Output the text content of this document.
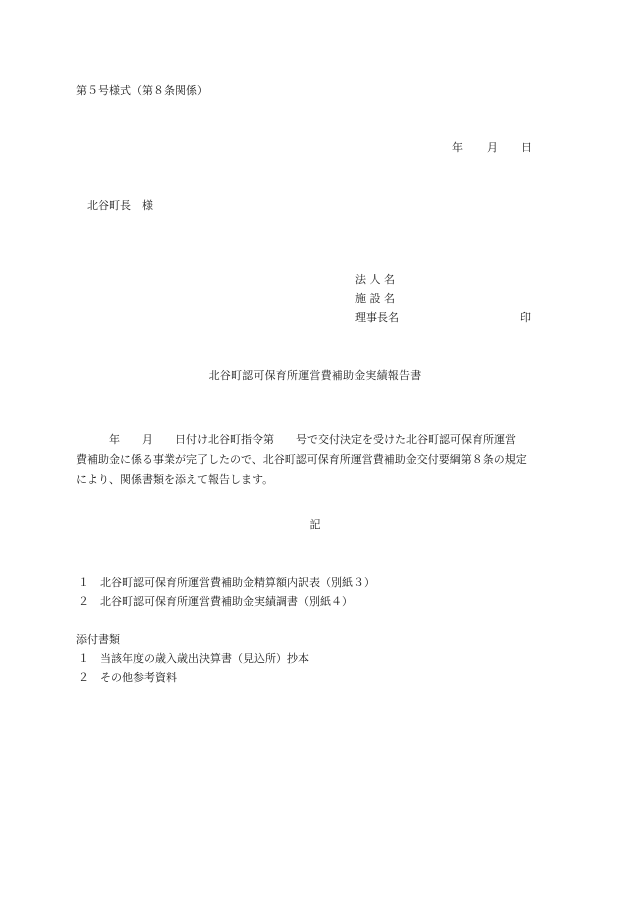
第５号様式（第８条関係）
年 月 日
北谷町長　様
法 人 名
施 設 名
理事長名	印
北谷町認可保育所運営費補助金実績報告書
　　　年　　月　　日付け北谷町指令第　　号で交付決定を受けた北谷町認可保育所運営
費補助金に係る事業が完了したので、北谷町認可保育所運営費補助金交付要綱第８条の規定
により、関係書類を添えて報告します。
記
１ 北谷町認可保育所運営費補助金精算額内訳表（別紙３）
２ 北谷町認可保育所運営費補助金実績調書（別紙４）
添付書類
１ 当該年度の歳入歳出決算書（見込所）抄本
２ その他参考資料
